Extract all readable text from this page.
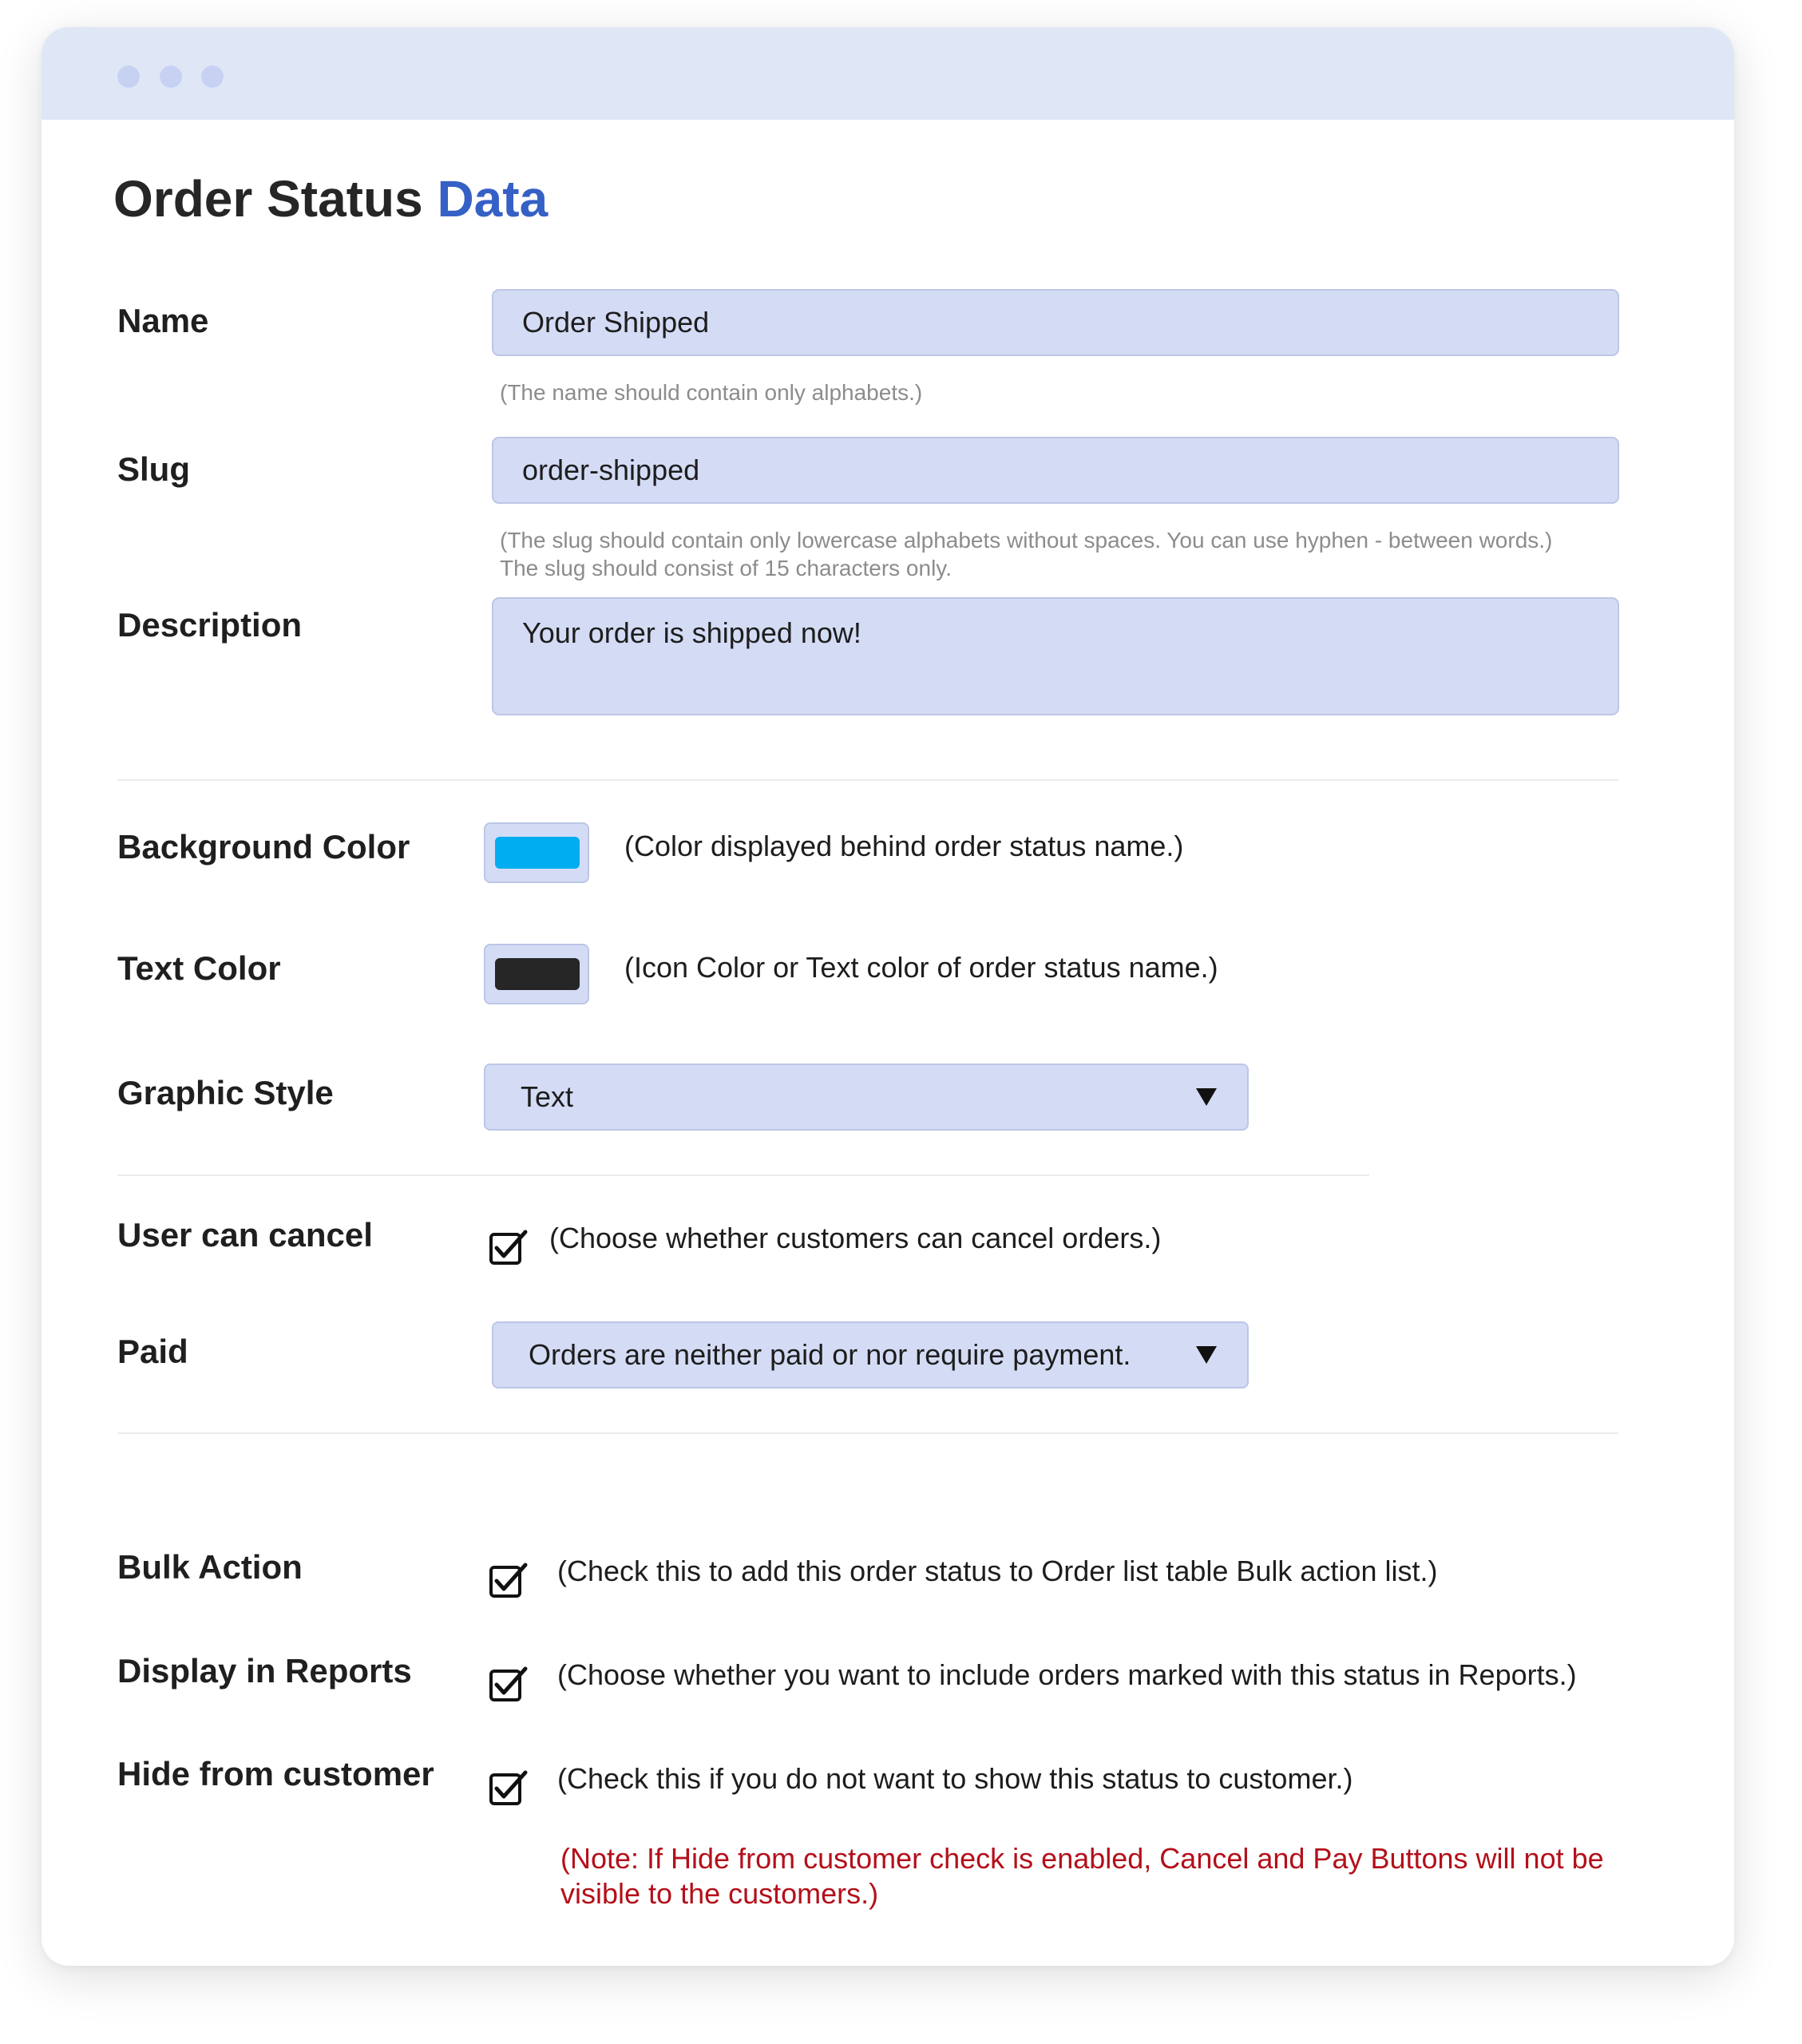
Order Status Data
Name	Order Shipped
(The name should contain only alphabets.)
Slug	order-shipped
(The slug should contain only lowercase alphabets without spaces. You can use hyphen - between words.) The slug should consist of 15 characters only.
Description	Your order is shipped now!
Background Color	(Color displayed behind order status name.)
Text Color	(Icon Color or Text color of order status name.)
Graphic Style	Text
User can cancel	(Choose whether customers can cancel orders.)
Paid	Orders are neither paid or nor require payment.
Bulk Action	(Check this to add this order status to Order list table Bulk action list.)
Display in Reports	(Choose whether you want to include orders marked with this status in Reports.)
Hide from customer	(Check this if you do not want to show this status to customer.)
(Note: If Hide from customer check is enabled, Cancel and Pay Buttons will not be visible to the customers.)
